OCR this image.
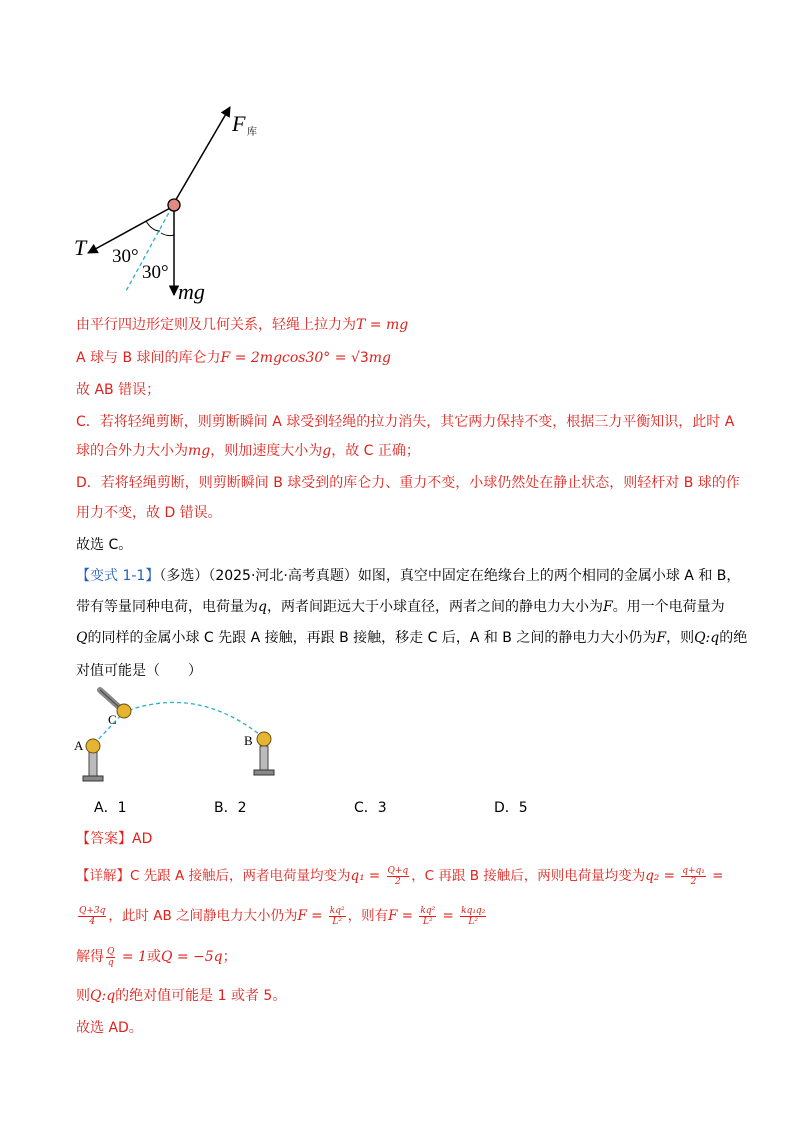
F 库
T 30°
30°
mg
由平行四边形定则及几何关系，轻绳上拉力为T = mg
A 球与 B 球间的库仑力F = 2mgcos30° = √3mg
故 AB 错误；
C．若将轻绳剪断，则剪断瞬间 A 球受到轻绳的拉力消失，其它两力保持不变，根据三力平衡知识，此时 A
球的合外力大小为mg，则加速度大小为g，故 C 正确；
D．若将轻绳剪断，则剪断瞬间 B 球受到的库仑力、重力不变，小球仍然处在静止状态，则轻杆对 B 球的作
用力不变，故 D 错误。
故选 C。
【变式 1-1】（多选）（2025·河北·高考真题）如图，真空中固定在绝缘台上的两个相同的金属小球 A 和 B，
带有等量同种电荷，电荷量为q，两者间距远大于小球直径，两者之间的静电力大小为F。用一个电荷量为
Q的同样的金属小球 C 先跟 A 接触，再跟 B 接触，移走 C 后，A 和 B 之间的静电力大小仍为F，则Q:q的绝
对值可能是（　　）
A	B
C
A．1	B．2	C．3	D．5
【答案】AD
【详解】C 先跟 A 接触后，两者电荷量均变为$q_1 = \frac{Q+q}{2}$ ，C 再跟 B 接触后，两则电荷量均变为$q_2 = \frac{\text{q+q₁}}{2}$ =
$\frac{Q+3q}{4}$ ，此时 AB 之间静电力大小仍为$F = \frac{\text{kq²}}{\text{L²}}$ ，则有$F = \frac{\text{kq²}}{\text{L²}} = \frac{\text{kq₁q₂}}{\text{L²}}$
解得 $\frac{Q}{q} = 1$或Q = −5q；
则Q:q的绝对值可能是 1 或者 5。
故选 AD。
